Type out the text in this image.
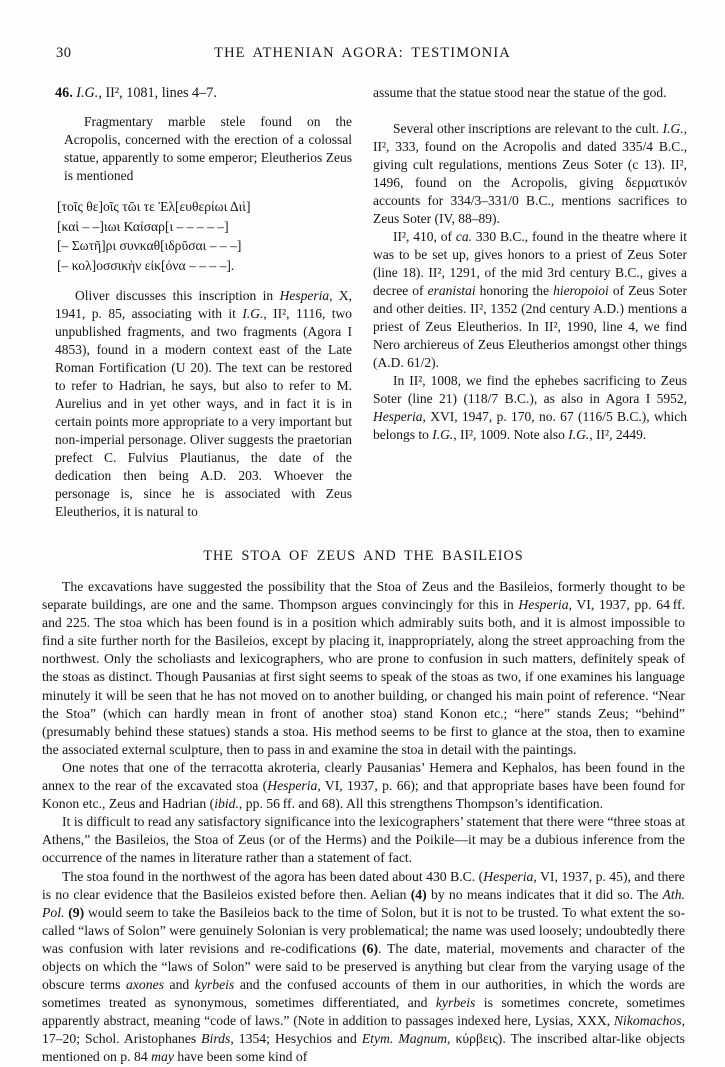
30	THE ATHENIAN AGORA: TESTIMONIA

46. I.G., II², 1081, lines 4–7.

Fragmentary marble stele found on the Acropolis, concerned with the erection of a colossal statue, apparently to some emperor; Eleutherios Zeus is mentioned

[τοῖς θε]οῖς τῶι τε Ἐλ[ευθερίωι Διὶ]
[καὶ – –]ιωι Καίσαρ[ι – – – – –]
[– Σωτῆ]ρι συνκαθ[ιδρῦσαι – – –]
[– κολ]οσσικὴν εἰκ[όνα – – – –].

Oliver discusses this inscription in Hesperia, X, 1941, p. 85, associating with it I.G., II², 1116, two unpublished fragments, and two fragments (Agora I 4853), found in a modern context east of the Late Roman Fortification (U 20). The text can be restored to refer to Hadrian, he says, but also to refer to M. Aurelius and in yet other ways, and in fact it is in certain points more appropriate to a very important but non-imperial personage. Oliver suggests the praetorian prefect C. Fulvius Plautianus, the date of the dedication then being A.D. 203. Whoever the personage is, since he is associated with Zeus Eleutherios, it is natural to

assume that the statue stood near the statue of the god.

Several other inscriptions are relevant to the cult. I.G., II², 333, found on the Acropolis and dated 335/4 B.C., giving cult regulations, mentions Zeus Soter (c 13). II², 1496, found on the Acropolis, giving δερματικόν accounts for 334/3–331/0 B.C., mentions sacrifices to Zeus Soter (IV, 88–89).

II², 410, of ca. 330 B.C., found in the theatre where it was to be set up, gives honors to a priest of Zeus Soter (line 18). II², 1291, of the mid 3rd century B.C., gives a decree of eranistai honoring the hieropoioi of Zeus Soter and other deities. II², 1352 (2nd century A.D.) mentions a priest of Zeus Eleutherios. In II², 1990, line 4, we find Nero archiereus of Zeus Eleutherios amongst other things (A.D. 61/2).

In II², 1008, we find the ephebes sacrificing to Zeus Soter (line 21) (118/7 B.C.), as also in Agora I 5952, Hesperia, XVI, 1947, p. 170, no. 67 (116/5 B.C.), which belongs to I.G., II², 1009. Note also I.G., II², 2449.

THE STOA OF ZEUS AND THE BASILEIOS

The excavations have suggested the possibility that the Stoa of Zeus and the Basileios, formerly thought to be separate buildings, are one and the same. Thompson argues convincingly for this in Hesperia, VI, 1937, pp. 64 ff. and 225. The stoa which has been found is in a position which admirably suits both, and it is almost impossible to find a site further north for the Basileios, except by placing it, inappropriately, along the street approaching from the northwest. Only the scholiasts and lexicographers, who are prone to confusion in such matters, definitely speak of the stoas as distinct. Though Pausanias at first sight seems to speak of the stoas as two, if one examines his language minutely it will be seen that he has not moved on to another building, or changed his main point of reference. “Near the Stoa” (which can hardly mean in front of another stoa) stand Konon etc.; “here” stands Zeus; “behind” (presumably behind these statues) stands a stoa. His method seems to be first to glance at the stoa, then to examine the associated external sculpture, then to pass in and examine the stoa in detail with the paintings.

One notes that one of the terracotta akroteria, clearly Pausanias’ Hemera and Kephalos, has been found in the annex to the rear of the excavated stoa (Hesperia, VI, 1937, p. 66); and that appropriate bases have been found for Konon etc., Zeus and Hadrian (ibid., pp. 56 ff. and 68). All this strengthens Thompson’s identification.

It is difficult to read any satisfactory significance into the lexicographers’ statement that there were “three stoas at Athens,” the Basileios, the Stoa of Zeus (or of the Herms) and the Poikile—it may be a dubious inference from the occurrence of the names in literature rather than a statement of fact.

The stoa found in the northwest of the agora has been dated about 430 B.C. (Hesperia, VI, 1937, p. 45), and there is no clear evidence that the Basileios existed before then. Aelian (4) by no means indicates that it did so. The Ath. Pol. (9) would seem to take the Basileios back to the time of Solon, but it is not to be trusted. To what extent the so-called “laws of Solon” were genuinely Solonian is very problematical; the name was used loosely; undoubtedly there was confusion with later revisions and re-codifications (6). The date, material, movements and character of the objects on which the “laws of Solon” were said to be preserved is anything but clear from the varying usage of the obscure terms axones and kyrbeis and the confused accounts of them in our authorities, in which the words are sometimes treated as synonymous, sometimes differentiated, and kyrbeis is sometimes concrete, sometimes apparently abstract, meaning “code of laws.” (Note in addition to passages indexed here, Lysias, XXX, Nikomachos, 17–20; Schol. Aristophanes Birds, 1354; Hesychios and Etym. Magnum, κύρβεις). The inscribed altar-like objects mentioned on p. 84 may have been some kind of
